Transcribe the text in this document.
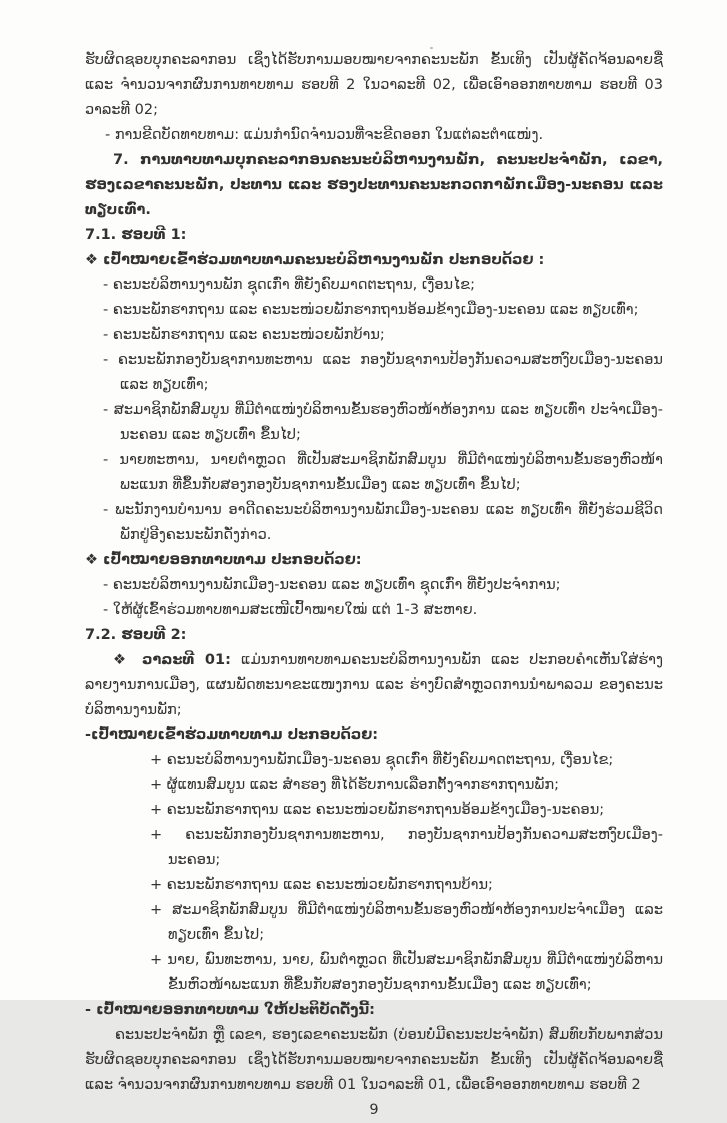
ຮັບຜິດຊອບບຸກຄະລາກອນ ເຊິ່ງໄດ້ຮັບການມອບໝາຍຈາກຄະນະພັກ ຂັ້ນເທິງ ເປັນຜູ້ຄັດຈ້ອນລາຍຊື່ ແລະ ຈຳນວນຈາກຜົນການທາບທາມ ຮອບທີ 2 ໃນວາລະທີ 02, ເພື່ອເອົາອອກທາບທາມ ຮອບທີ 03 ວາລະທີ 02;

- ການຂີດບັດທາບທາມ: ແມ່ນກຳນົດຈຳນວນທີ່ຈະຂີດອອກ ໃນແຕ່ລະຕຳແໜ່ງ.

7. ການທາບທາມບຸກຄະລາກອນຄະນະບໍລິຫານງານພັກ, ຄະນະປະຈຳພັກ, ເລຂາ, ຮອງເລຂາຄະນະພັກ, ປະທານ ແລະ ຮອງປະທານຄະນະກວດກາພັກເມືອງ-ນະຄອນ ແລະ ທຽບເທົ່າ.

7.1. ຮອບທີ 1:

❖ ເປົ້າໝາຍເຂົ້າຮ່ວມທາບທາມຄະນະບໍລິຫານງານພັກ ປະກອບດ້ວຍ :

- ຄະນະບໍລິຫານງານພັກ ຊຸດເກົ່າ ທີ່ຍັງຄົບມາດຕະຖານ, ເງື່ອນໄຂ;

- ຄະນະພັກຮາກຖານ ແລະ ຄະນະໜ່ວຍພັກຮາກຖານອ້ອມຂ້າງເມືອງ-ນະຄອນ ແລະ ທຽບເທົ່າ;

- ຄະນະພັກຮາກຖານ ແລະ ຄະນະໜ່ວຍພັກບ້ານ;

- ຄະນະພັກກອງບັນຊາການທະຫານ ແລະ ກອງບັນຊາການປ້ອງກັນຄວາມສະຫງົບເມືອງ-ນະຄອນ ແລະ ທຽບເທົ່າ;

- ສະມາຊິກພັກສົມບູນ ທີ່ມີຕຳແໜ່ງບໍລິຫານຂັ້ນຮອງຫົວໜ້າຫ້ອງການ ແລະ ທຽບເທົ່າ ປະຈຳເມືອງ-ນະຄອນ ແລະ ທຽບເທົ່າ ຂຶ້ນໄປ;

- ນາຍທະຫານ, ນາຍຕຳຫຼວດ ທີ່ເປັນສະມາຊິກພັກສົມບູນ ທີ່ມີຕຳແໜ່ງບໍລິຫານຂັ້ນຮອງຫົວໜ້າພະແນກ ທີ່ຂຶ້ນກັບສອງກອງບັນຊາການຂັ້ນເມືອງ ແລະ ທຽບເທົ່າ ຂຶ້ນໄປ;

- ພະນັກງານບຳນານ ອາດີດຄະນະບໍລິຫານງານພັກເມືອງ-ນະຄອນ ແລະ ທຽບເທົ່າ ທີ່ຍັງຮ່ວມຊີວິດພັກຢູ່ອີງຄະນະພັກດັ່ງກ່າວ.

❖ ເປົ້າໝາຍອອກທາບທາມ ປະກອບດ້ວຍ:

- ຄະນະບໍລິຫານງານພັກເມືອງ-ນະຄອນ ແລະ ທຽບເທົ່າ ຊຸດເກົ່າ ທີ່ຍັງປະຈຳການ;

- ໃຫ້ຜູ້ເຂົ້າຮ່ວມທາບທາມສະເໜີເປົ້າໝາຍໃໝ່ ແຕ່ 1-3 ສະຫາຍ.

7.2. ຮອບທີ 2:

❖ ວາລະທີ 01: ແມ່ນການທາບທາມຄະນະບໍລິຫານງານພັກ ແລະ ປະກອບຄຳເຫັນໃສ່ຮ່າງລາຍງານການເມືອງ, ແຜນພັດທະນາຂະແໜງການ ແລະ ຮ່າງບົດສຳຫຼວດການນຳພາລວມ ຂອງຄະນະບໍລິຫານງານພັກ;

-ເປົ້າໝາຍເຂົ້າຮ່ວມທາບທາມ ປະກອບດ້ວຍ:

+ ຄະນະບໍລິຫານງານພັກເມືອງ-ນະຄອນ ຊຸດເກົ່າ ທີ່ຍັງຄົບມາດຕະຖານ, ເງື່ອນໄຂ;

+ ຜູ້ແທນສົມບູນ ແລະ ສຳຮອງ ທີ່ໄດ້ຮັບການເລືອກຕັ້ງຈາກຮາກຖານພັກ;

+ ຄະນະພັກຮາກຖານ ແລະ ຄະນະໜ່ວຍພັກຮາກຖານອ້ອມຂ້າງເມືອງ-ນະຄອນ;

+ ຄະນະພັກກອງບັນຊາການທະຫານ, ກອງບັນຊາການປ້ອງກັນຄວາມສະຫງົບເມືອງ-ນະຄອນ;

+ ຄະນະພັກຮາກຖານ ແລະ ຄະນະໜ່ວຍພັກຮາກຖານບ້ານ;

+ ສະມາຊິກພັກສົມບູນ ທີ່ມີຕຳແໜ່ງບໍລິຫານຂັ້ນຮອງຫົວໜ້າຫ້ອງການປະຈຳເມືອງ ແລະ ທຽບເທົ່າ ຂຶ້ນໄປ;

+ ນາຍ, ພົນທະຫານ, ນາຍ, ພົນຕຳຫຼວດ ທີ່ເປັນສະມາຊິກພັກສົມບູນ ທີ່ມີຕຳແໜ່ງບໍລິຫານຂັ້ນຫົວໜ້າພະແນກ ທີ່ຂຶ້ນກັບສອງກອງບັນຊາການຂັ້ນເມືອງ ແລະ ທຽບເທົ່າ;

- ເປົ້າໝາຍອອກທາບທາມ ໃຫ້ປະຕິບັດດັ່ງນີ້:

ຄະນະປະຈຳພັກ ຫຼື ເລຂາ, ຮອງເລຂາຄະນະພັກ (ບ່ອນບໍ່ມີຄະນະປະຈຳພັກ) ສົມທົບກັບພາກສ່ວນຮັບຜິດຊອບບຸກຄະລາກອນ ເຊິ່ງໄດ້ຮັບການມອບໝາຍຈາກຄະນະພັກ ຂັ້ນເທິງ ເປັນຜູ້ຄັດຈ້ອນລາຍຊື່ ແລະ ຈຳນວນຈາກຜົນການທາບທາມ ຮອບທີ 01 ໃນວາລະທີ 01, ເພື່ອເອົາອອກທາບທາມ ຮອບທີ 2

9
